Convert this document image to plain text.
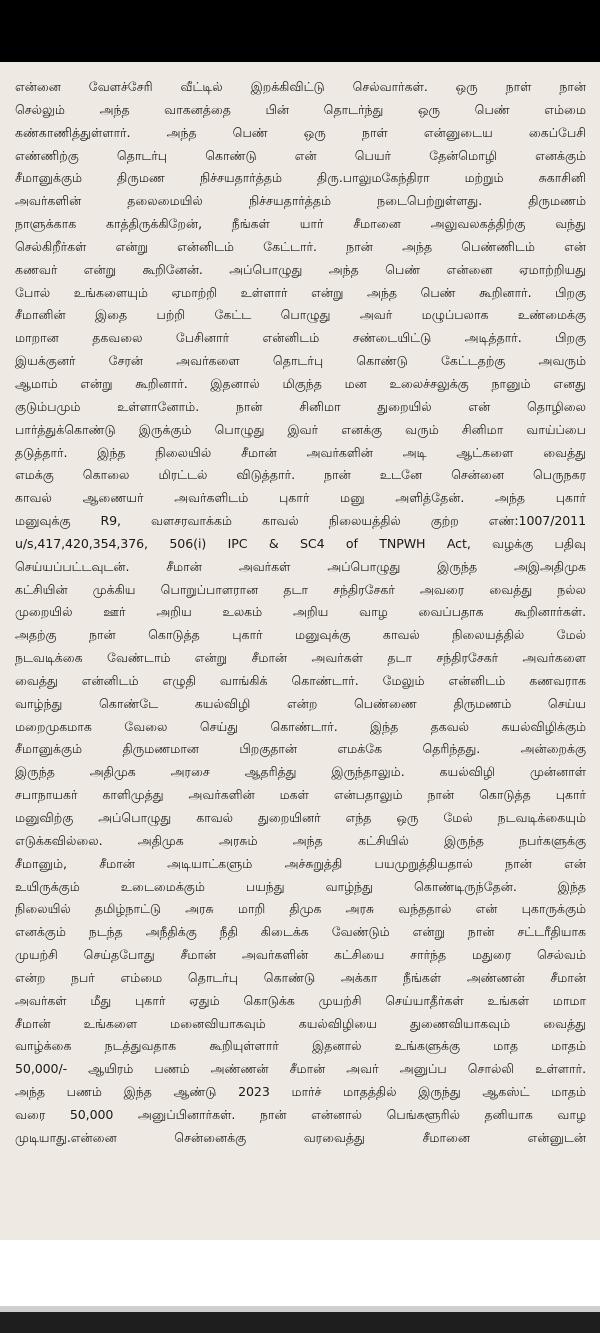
என்னை வேளச்சேரி வீட்டில் இறக்கிவிட்டு செல்வார்கள். ஒரு நாள் நான்
செல்லும் அந்த வாகனத்தை பின் தொடர்ந்து ஒரு பெண் எம்மை
கண்காணித்துள்ளார். அந்த பெண் ஒரு நாள் என்னுடைய கைப்பேசி
எண்ணிற்கு தொடர்பு கொண்டு என் பெயர் தேன்மொழி எனக்கும்
சீமானுக்கும் திருமண நிச்சயதார்த்தம் திரு.பாலுமகேந்திரா மற்றும் சுகாசினி
அவர்களின் தலைமையில் நிச்சயதார்த்தம் நடைபெற்றுள்ளது. திருமணம்
நாளுக்காக காத்திருக்கிறேன், நீங்கள் யார் சீமானை அலுவலகத்திற்கு வந்து
செல்கிறீர்கள் என்று என்னிடம் கேட்டார். நான் அந்த பெண்ணிடம் என்
கணவர் என்று கூறினேன். அப்பொழுது அந்த பெண் என்னை ஏமாற்றியது
போல் உங்களையும் ஏமாற்றி உள்ளார் என்று அந்த பெண் கூறினார். பிறகு
சீமானின் இதை பற்றி கேட்ட பொழுது அவர் மழுப்பலாக உண்மைக்கு
மாறான தகவலை பேசினார் என்னிடம் சண்டையிட்டு அடித்தார். பிறகு
இயக்குனர் சேரன் அவர்களை தொடர்பு கொண்டு கேட்டதற்கு அவரும்
ஆமாம் என்று கூறினார். இதனால் மிகுந்த மன உலைச்சலுக்கு நானும் எனது
குடும்பமும் உள்ளானோம். நான் சினிமா துறையில் என் தொழிலை
பார்த்துக்கொண்டு இருக்கும் பொழுது இவர் எனக்கு வரும் சினிமா வாய்ப்பை
தடுத்தார். இந்த நிலையில் சீமான் அவர்களின் அடி ஆட்களை வைத்து
எமக்கு கொலை மிரட்டல் விடுத்தார். நான் உடனே சென்னை பெருநகர
காவல் ஆணையர் அவர்களிடம் புகார் மனு அளித்தேன். அந்த புகார்
மனுவுக்கு R9, வளசரவாக்கம் காவல் நிலையத்தில் குற்ற எண்:1007/2011
u/s,417,420,354,376, 506(i) IPC & SC4 of TNPWH Act, வழக்கு பதிவு
செய்யப்பட்டவுடன். சீமான் அவர்கள் அப்பொழுது இருந்த அஇஅதிமுக
கட்சியின் முக்கிய பொறுப்பாளரான தடா சந்திரசேகர் அவரை வைத்து நல்ல
முறையில் ஊர் அறிய உலகம் அறிய வாழ வைப்பதாக கூறினார்கள்.
அதற்கு நான் கொடுத்த புகார் மனுவுக்கு காவல் நிலையத்தில் மேல்
நடவடிக்கை வேண்டாம் என்று சீமான் அவர்கள் தடா சந்திரசேகர் அவர்களை
வைத்து என்னிடம் எழுதி வாங்கிக் கொண்டார். மேலும் என்னிடம் கணவராக
வாழ்ந்து கொண்டே கயல்விழி என்ற பெண்ணை திருமணம் செய்ய
மறைமுகமாக வேலை செய்து கொண்டார். இந்த தகவல் கயல்விழிக்கும்
சீமானுக்கும் திருமணமான பிறகுதான் எமக்கே தெரிந்தது. அன்றைக்கு
இருந்த அதிமுக அரசை ஆதரித்து இருந்தாலும். கயல்விழி முன்னாள்
சபாநாயகர் காளிமுத்து அவர்களின் மகள் என்பதாலும் நான் கொடுத்த புகார்
மனுவிற்கு அப்பொழுது காவல் துறையினர் எந்த ஒரு மேல் நடவடிக்கையும்
எடுக்கவில்லை. அதிமுக அரசும் அந்த கட்சியில் இருந்த நபர்களுக்கு
சீமானும், சீமான் அடியாட்களும் அச்சுறுத்தி பயமுறுத்தியதால் நான் என்
உயிருக்கும் உடைமைக்கும் பயந்து வாழ்ந்து கொண்டிருந்தேன். இந்த
நிலையில் தமிழ்நாட்டு அரசு மாறி திமுக அரசு வந்ததால் என் புகாருக்கும்
எனக்கும் நடந்த அநீதிக்கு நீதி கிடைக்க வேண்டும் என்று நான் சட்டரீதியாக
முயற்சி செய்தபோது சீமான் அவர்களின் கட்சியை சார்ந்த மதுரை செல்வம்
என்ற நபர் எம்மை தொடர்பு கொண்டு அக்கா நீங்கள் அண்ணன் சீமான்
அவர்கள் மீது புகார் ஏதும் கொடுக்க முயற்சி செய்யாதீர்கள் உங்கள் மாமா
சீமான் உங்களை மனைவியாகவும் கயல்விழியை துணைவியாகவும் வைத்து
வாழ்க்கை நடத்துவதாக கூறியுள்ளார் இதனால் உங்களுக்கு மாத மாதம்
50,000/- ஆயிரம் பணம் அண்ணன் சீமான் அவர் அனுப்ப சொல்லி உள்ளார்.
அந்த பணம் இந்த ஆண்டு 2023 மார்ச் மாதத்தில் இருந்து ஆகஸ்ட் மாதம்
வரை 50,000 அனுப்பினார்கள். நான் என்னால் பெங்களூரில் தனியாக வாழ
முடியாது.என்னை சென்னைக்கு வரவைத்து சீமானை என்னுடன்
